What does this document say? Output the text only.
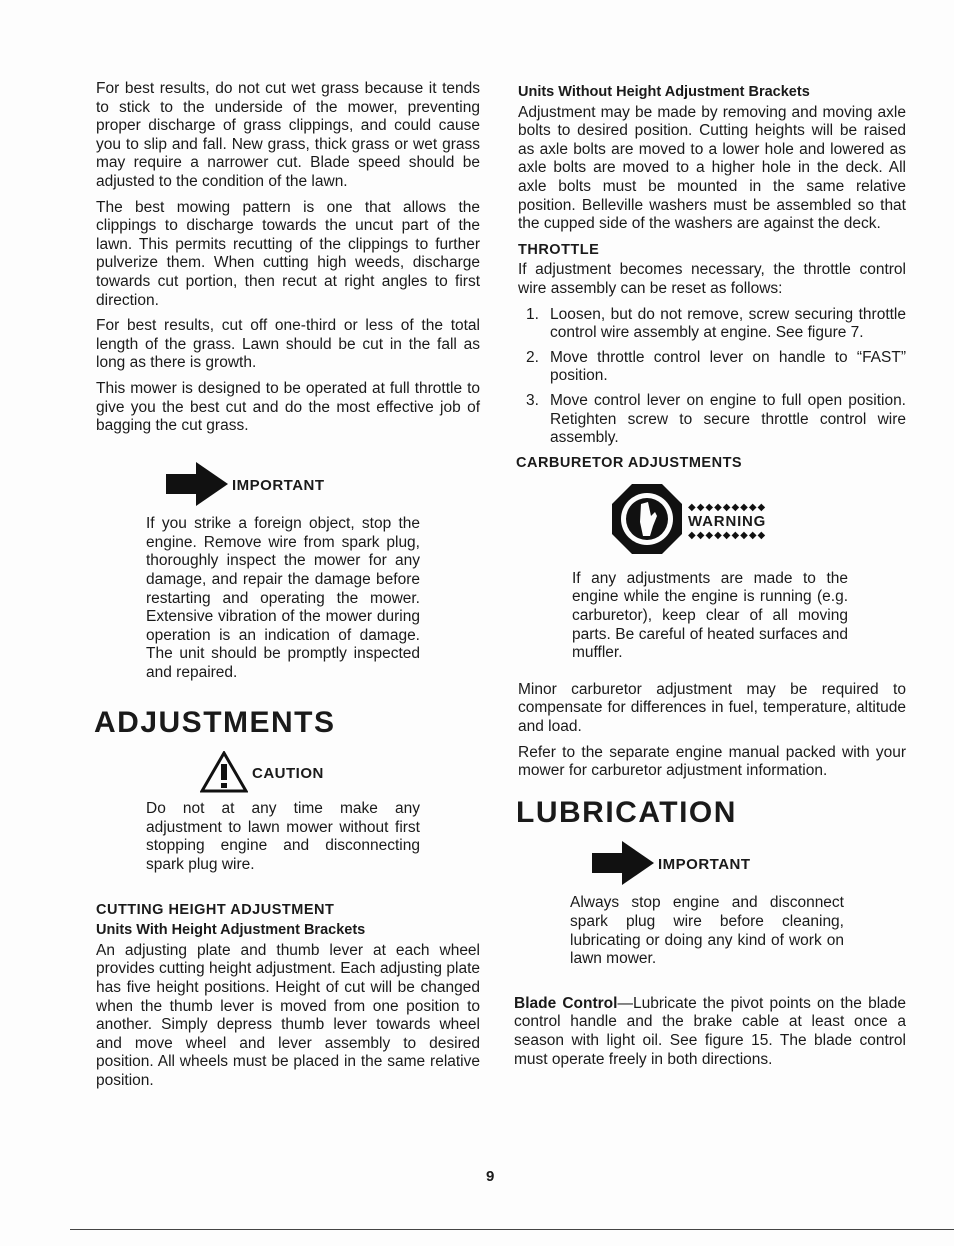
For best results, do not cut wet grass because it tends to stick to the underside of the mower, preventing proper discharge of grass clippings, and could cause you to slip and fall. New grass, thick grass or wet grass may require a narrower cut. Blade speed should be adjusted to the condition of the lawn.

The best mowing pattern is one that allows the clippings to discharge towards the uncut part of the lawn. This permits recutting of the clippings to further pulverize them. When cutting high weeds, discharge towards cut portion, then recut at right angles to first direction.

For best results, cut off one-third or less of the total length of the grass. Lawn should be cut in the fall as long as there is growth.

This mower is designed to be operated at full throttle to give you the best cut and do the most effective job of bagging the cut grass.

IMPORTANT
If you strike a foreign object, stop the engine. Remove wire from spark plug, thoroughly inspect the mower for any damage, and repair the damage before restarting and operating the mower. Extensive vibration of the mower during operation is an indication of damage. The unit should be promptly inspected and repaired.
ADJUSTMENTS
CAUTION
Do not at any time make any adjustment to lawn mower without first stopping engine and disconnecting spark plug wire.
CUTTING HEIGHT ADJUSTMENT
Units With Height Adjustment Brackets

An adjusting plate and thumb lever at each wheel provides cutting height adjustment. Each adjusting plate has five height positions. Height of cut will be changed when the thumb lever is moved from one position to another. Simply depress thumb lever towards wheel and move wheel and lever assembly to desired position. All wheels must be placed in the same relative position.

Units Without Height Adjustment Brackets

Adjustment may be made by removing and moving axle bolts to desired position. Cutting heights will be raised as axle bolts are moved to a lower hole and lowered as axle bolts are moved to a higher hole in the deck. All axle bolts must be mounted in the same relative position. Belleville washers must be assembled so that the cupped side of the washers are against the deck.

THROTTLE

If adjustment becomes necessary, the throttle control wire assembly can be reset as follows:

1. Loosen, but do not remove, screw securing throttle control wire assembly at engine. See figure 7.
2. Move throttle control lever on handle to “FAST” position.
3. Move control lever on engine to full open position. Retighten screw to secure throttle control wire assembly.
CARBURETOR ADJUSTMENTS
◆◆◆◆◆◆◆◆◆
WARNING
◆◆◆◆◆◆◆◆◆
If any adjustments are made to the engine while the engine is running (e.g. carburetor), keep clear of all moving parts. Be careful of heated surfaces and muffler.

Minor carburetor adjustment may be required to compensate for differences in fuel, temperature, altitude and load.

Refer to the separate engine manual packed with your mower for carburetor adjustment information.

LUBRICATION
IMPORTANT
Always stop engine and disconnect spark plug wire before cleaning, lubricating or doing any kind of work on lawn mower.

Blade Control—Lubricate the pivot points on the blade control handle and the brake cable at least once a season with light oil. See figure 15. The blade control must operate freely in both directions.

9
